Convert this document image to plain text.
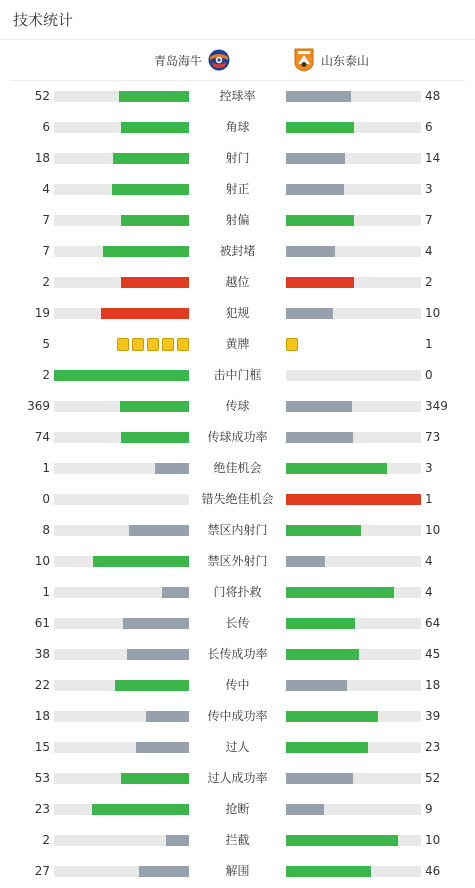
技术统计
青岛海牛	山东泰山
52	控球率	48
6	角球	6
18	射门	14
4	射正	3
7	射偏	7
7	被封堵	4
2	越位	2
19	犯规	10
5	黄牌	1
2	击中门框	0
369	传球	349
74	传球成功率	73
1	绝佳机会	3
0	错失绝佳机会	1
8	禁区内射门	10
10	禁区外射门	4
1	门将扑救	4
61	长传	64
38	长传成功率	45
22	传中	18
18	传中成功率	39
15	过人	23
53	过人成功率	52
23	抢断	9
2	拦截	10
27	解围	46
